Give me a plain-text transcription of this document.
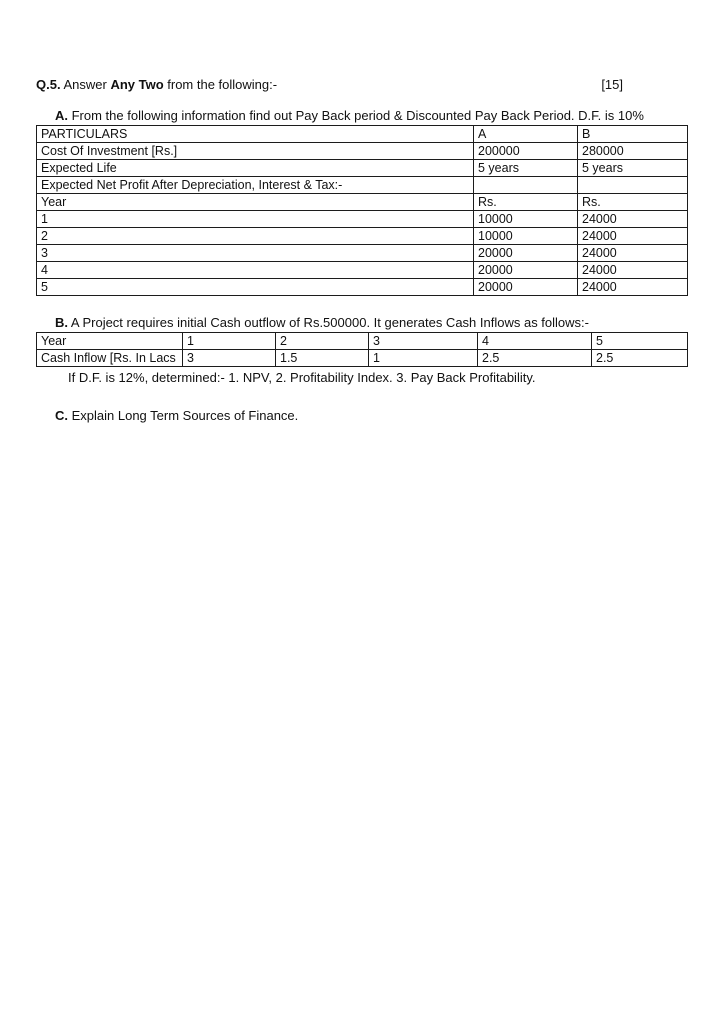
Q.5. Answer Any Two from the following:-	[15]
A. From the following information find out Pay Back period & Discounted Pay Back Period. D.F. is 10%
PARTICULARS	A	B
Cost Of Investment [Rs.]	200000	280000
Expected Life	5 years	5 years
Expected Net Profit After Depreciation, Interest & Tax:-		
Year	Rs.	Rs.
1	10000	24000
2	10000	24000
3	20000	24000
4	20000	24000
5	20000	24000
B. A Project requires initial Cash outflow of Rs.500000. It generates Cash Inflows as follows:-
Year	1	2	3	4	5
Cash Inflow [Rs. In Lacs	3	1.5	1	2.5	2.5
If D.F. is 12%, determined:- 1. NPV, 2. Profitability Index. 3. Pay Back Profitability.
C. Explain Long Term Sources of Finance.
